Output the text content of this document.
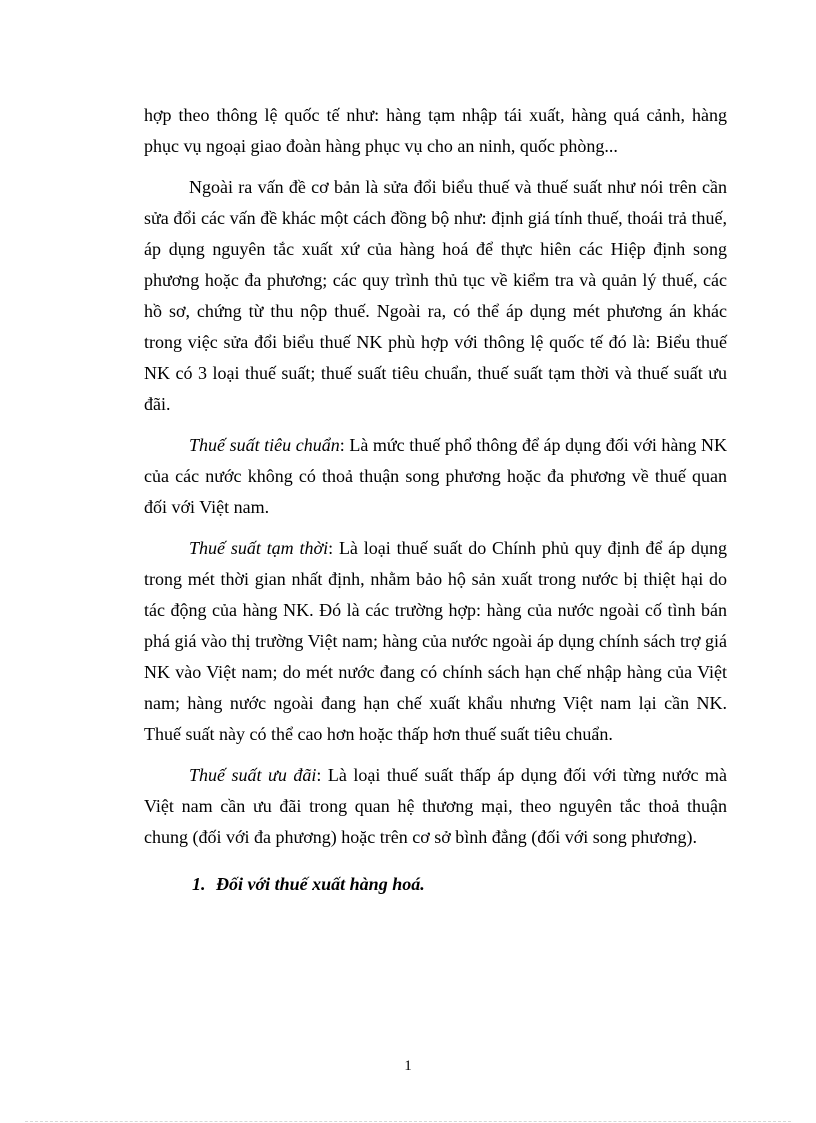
hợp theo thông lệ quốc tế như: hàng tạm nhập tái xuất, hàng quá cảnh, hàng phục vụ ngoại giao đoàn hàng phục vụ cho an ninh, quốc phòng...

Ngoài ra vấn đề cơ bản là sửa đổi biểu thuế và thuế suất như nói trên cần sửa đổi các vấn đề khác một cách đồng bộ như: định giá tính thuế, thoái trả thuế, áp dụng nguyên tắc xuất xứ của hàng hoá để thực hiên các Hiệp định song phương hoặc đa phương; các quy trình thủ tục về kiểm tra và quản lý thuế, các hồ sơ, chứng từ thu nộp thuế. Ngoài ra, có thể áp dụng mét phương án khác trong việc sửa đổi biểu thuế NK phù hợp với thông lệ quốc tế đó là: Biểu thuế NK có 3 loại thuế suất; thuế suất tiêu chuẩn, thuế suất tạm thời và thuế suất ưu đãi.

Thuế suất tiêu chuẩn: Là mức thuế phổ thông để áp dụng đối với hàng NK của các nước không có thoả thuận song phương hoặc đa phương về thuế quan đối với Việt nam.

Thuế suất tạm thời: Là loại thuế suất do Chính phủ quy định để áp dụng trong mét thời gian nhất định, nhằm bảo hộ sản xuất trong nước bị thiệt hại do tác động của hàng NK. Đó là các trường hợp: hàng của nước ngoài cố tình bán phá giá vào thị trường Việt nam; hàng của nước ngoài áp dụng chính sách trợ giá NK vào Việt nam; do mét nước đang có chính sách hạn chế nhập hàng của Việt nam; hàng nước ngoài đang hạn chế xuất khẩu nhưng Việt nam lại cần NK. Thuế suất này có thể cao hơn hoặc thấp hơn thuế suất tiêu chuẩn.

Thuế suất ưu đãi: Là loại thuế suất thấp áp dụng đối với từng nước mà Việt nam cần ưu đãi trong quan hệ thương mại, theo nguyên tắc thoả thuận chung (đối với đa phương) hoặc trên cơ sở bình đẳng (đối với song phương).

1. Đối với thuế xuất hàng hoá.

1
